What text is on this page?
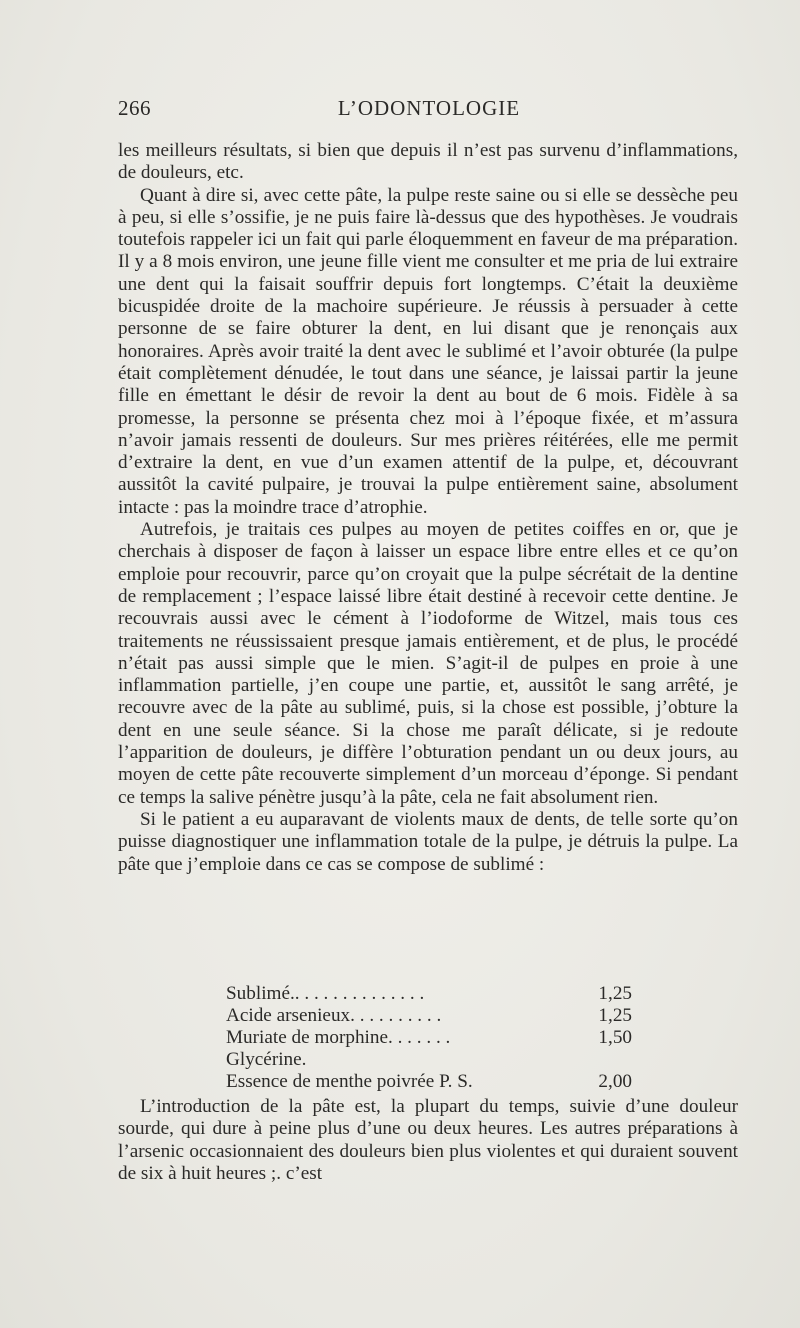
266	L’ODONTOLOGIE

les meilleurs résultats, si bien que depuis il n’est pas survenu d’inflammations, de douleurs, etc.

Quant à dire si, avec cette pâte, la pulpe reste saine ou si elle se dessèche peu à peu, si elle s’ossifie, je ne puis faire là-dessus que des hypothèses. Je voudrais toutefois rappeler ici un fait qui parle éloquemment en faveur de ma préparation. Il y a 8 mois environ, une jeune fille vient me consulter et me pria de lui extraire une dent qui la faisait souffrir depuis fort longtemps. C’était la deuxième bicuspidée droite de la machoire supérieure. Je réussis à persuader à cette personne de se faire obturer la dent, en lui disant que je renonçais aux honoraires. Après avoir traité la dent avec le sublimé et l’avoir obturée (la pulpe était complètement dénudée, le tout dans une séance, je laissai partir la jeune fille en émettant le désir de revoir la dent au bout de 6 mois. Fidèle à sa promesse, la personne se présenta chez moi à l’époque fixée, et m’assura n’avoir jamais ressenti de douleurs. Sur mes prières réitérées, elle me permit d’extraire la dent, en vue d’un examen attentif de la pulpe, et, découvrant aussitôt la cavité pulpaire, je trouvai la pulpe entièrement saine, absolument intacte : pas la moindre trace d’atrophie.

Autrefois, je traitais ces pulpes au moyen de petites coiffes en or, que je cherchais à disposer de façon à laisser un espace libre entre elles et ce qu’on emploie pour recouvrir, parce qu’on croyait que la pulpe sécrétait de la dentine de remplacement ; l’espace laissé libre était destiné à recevoir cette dentine. Je recouvrais aussi avec le cément à l’iodoforme de Witzel, mais tous ces traitements ne réussissaient presque jamais entièrement, et de plus, le procédé n’était pas aussi simple que le mien. S’agit-il de pulpes en proie à une inflammation partielle, j’en coupe une partie, et, aussitôt le sang arrêté, je recouvre avec de la pâte au sublimé, puis, si la chose est possible, j’obture la dent en une seule séance. Si la chose me paraît délicate, si je redoute l’apparition de douleurs, je diffère l’obturation pendant un ou deux jours, au moyen de cette pâte recouverte simplement d’un morceau d’éponge. Si pendant ce temps la salive pénètre jusqu’à la pâte, cela ne fait absolument rien.

Si le patient a eu auparavant de violents maux de dents, de telle sorte qu’on puisse diagnostiquer une inflammation totale de la pulpe, je détruis la pulpe. La pâte que j’emploie dans ce cas se compose de sublimé :

Sublimé.. . . . . . . . . . . . . .	1,25
Acide arsenieux. . . . . . . . . .	1,25
Muriate de morphine. . . . . . .	1,50
Glycérine.
Essence de menthe poivrée P. S.	2,00

L’introduction de la pâte est, la plupart du temps, suivie d’une douleur sourde, qui dure à peine plus d’une ou deux heures. Les autres préparations à l’arsenic occasionnaient des douleurs bien plus violentes et qui duraient souvent de six à huit heures ;. c’est
